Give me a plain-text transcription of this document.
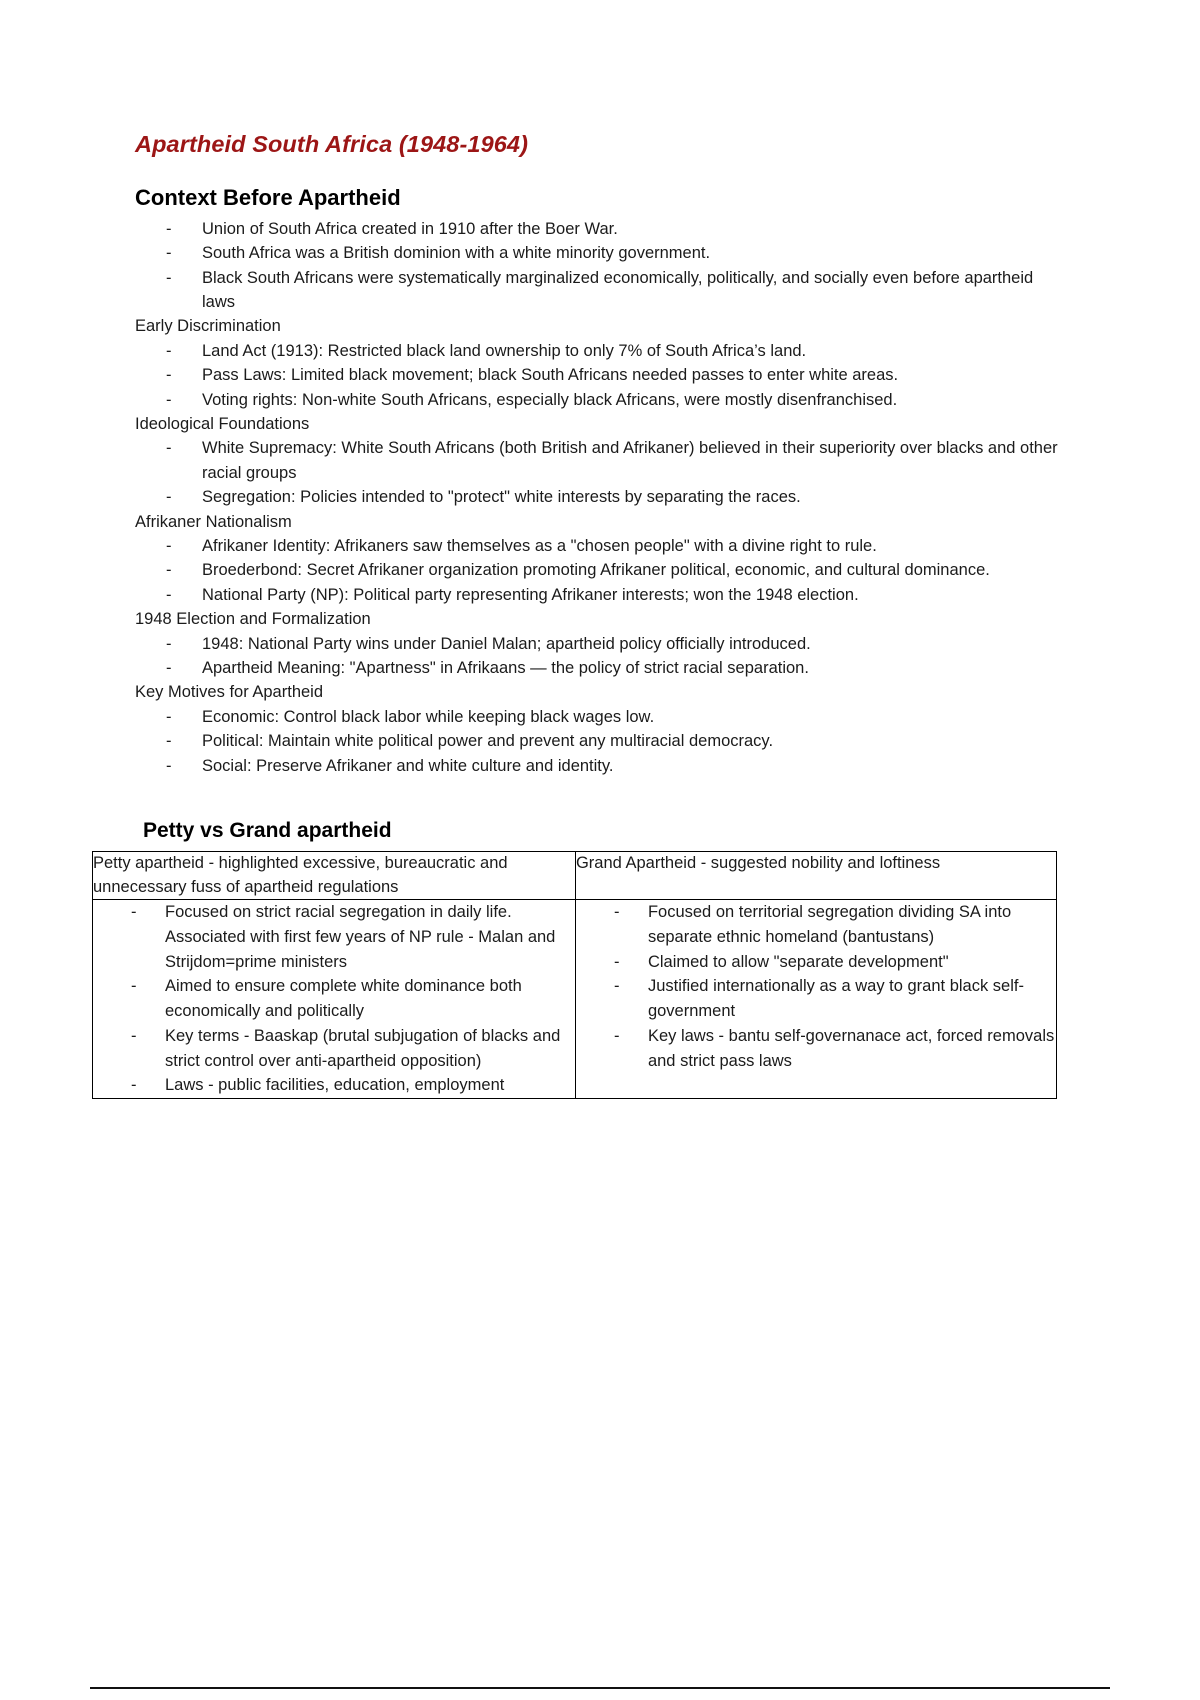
Apartheid South Africa (1948-1964)
Context Before Apartheid
- Union of South Africa created in 1910 after the Boer War.
- South Africa was a British dominion with a white minority government.
- Black South Africans were systematically marginalized economically, politically, and socially even before apartheid laws

Early Discrimination

- Land Act (1913): Restricted black land ownership to only 7% of South Africa’s land.
- Pass Laws: Limited black movement; black South Africans needed passes to enter white areas.
- Voting rights: Non-white South Africans, especially black Africans, were mostly disenfranchised.

Ideological Foundations

- White Supremacy: White South Africans (both British and Afrikaner) believed in their superiority over blacks and other racial groups
- Segregation: Policies intended to "protect" white interests by separating the races.

Afrikaner Nationalism

- Afrikaner Identity: Afrikaners saw themselves as a "chosen people" with a divine right to rule.
- Broederbond: Secret Afrikaner organization promoting Afrikaner political, economic, and cultural dominance.
- National Party (NP): Political party representing Afrikaner interests; won the 1948 election.

1948 Election and Formalization

- 1948: National Party wins under Daniel Malan; apartheid policy officially introduced.
- Apartheid Meaning: "Apartness" in Afrikaans — the policy of strict racial separation.

Key Motives for Apartheid

- Economic: Control black labor while keeping black wages low.
- Political: Maintain white political power and prevent any multiracial democracy.
- Social: Preserve Afrikaner and white culture and identity.
Petty vs Grand apartheid
Petty apartheid - highlighted excessive, bureaucratic and unnecessary fuss of apartheid regulations	Grand Apartheid - suggested nobility and loftiness

- Focused on strict racial segregation in daily life. Associated with first few years of NP rule - Malan and Strijdom=prime ministers
- Aimed to ensure complete white dominance both economically and politically
- Key terms - Baaskap (brutal subjugation of blacks and strict control over anti-apartheid opposition)
- Laws - public facilities, education, employment

- Focused on territorial segregation dividing SA into separate ethnic homeland (bantustans)
- Claimed to allow "separate development"
- Justified internationally as a way to grant black self-government
- Key laws - bantu self-governanace act, forced removals and strict pass laws
